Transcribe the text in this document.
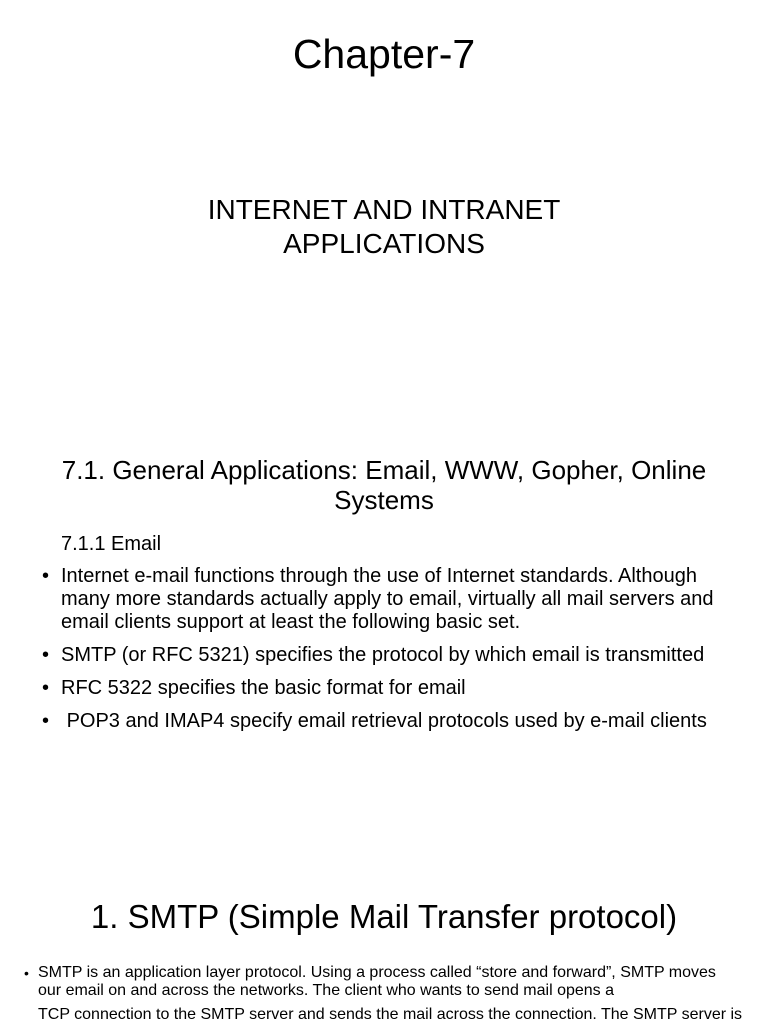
Chapter-7
INTERNET AND INTRANET APPLICATIONS
7.1. General Applications: Email, WWW, Gopher, Online Systems
7.1.1 Email
• Internet e-mail functions through the use of Internet standards. Although many more standards actually apply to email, virtually all mail servers and email clients support at least the following basic set.
• SMTP (or RFC 5321) specifies the protocol by which email is transmitted
• RFC 5322 specifies the basic format for email
• POP3 and IMAP4 specify email retrieval protocols used by e-mail clients
1. SMTP (Simple Mail Transfer protocol)
• SMTP is an application layer protocol. Using a process called “store and forward”, SMTP moves our email on and across the networks. The client who wants to send mail opens a
TCP connection to the SMTP server and sends the mail across the connection. The SMTP server is
